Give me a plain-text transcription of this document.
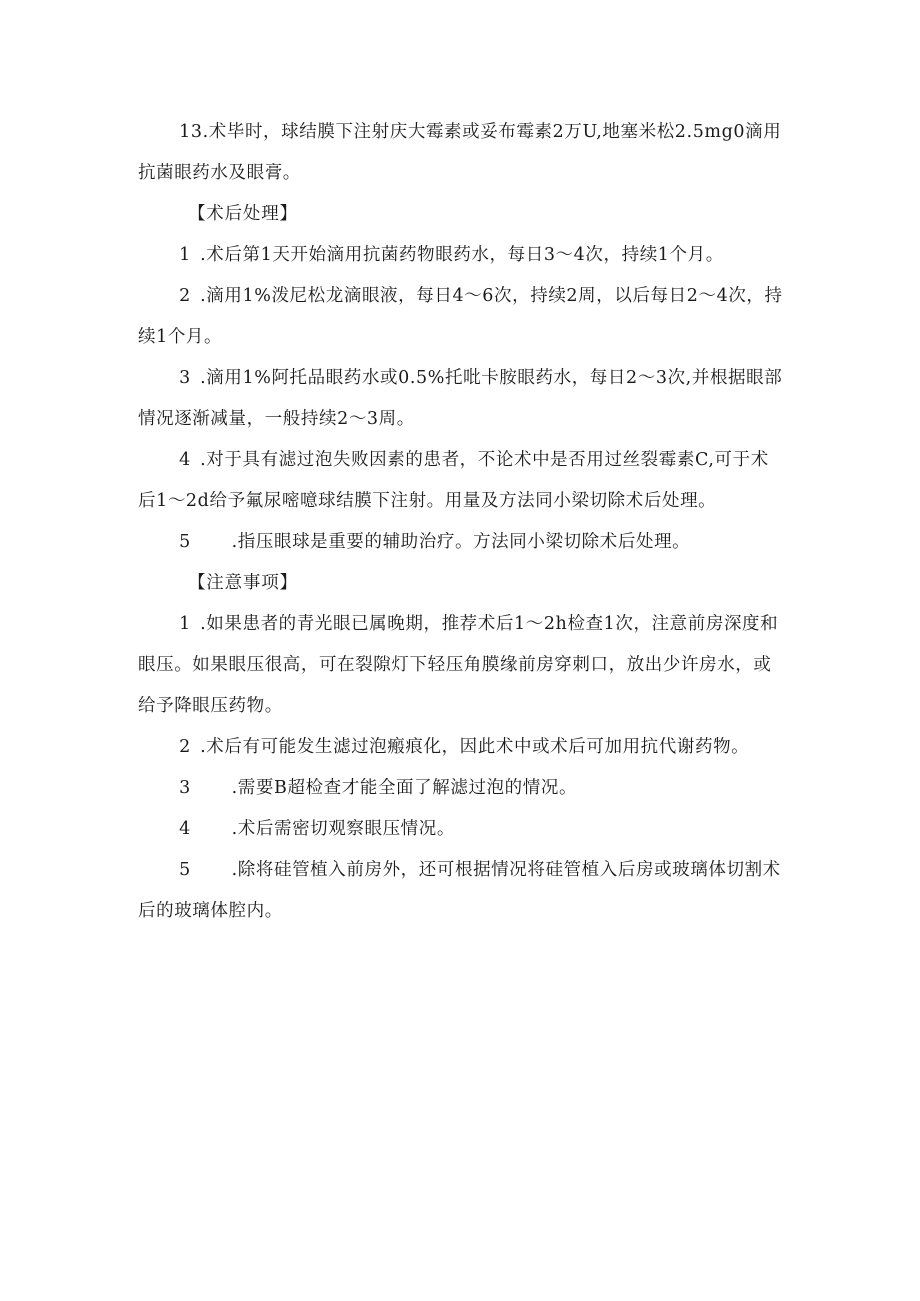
13.术毕时，球结膜下注射庆大霉素或妥布霉素2万U,地塞米松2.5mg0滴用抗菌眼药水及眼膏。

【术后处理】

1 .术后第1天开始滴用抗菌药物眼药水，每日3〜4次，持续1个月。

2 .滴用1%泼尼松龙滴眼液，每日4〜6次，持续2周，以后每日2〜4次，持续1个月。

3 .滴用1%阿托品眼药水或0.5%托吡卡胺眼药水，每日2〜3次,并根据眼部情况逐渐减量，一般持续2〜3周。

4 .对于具有滤过泡失败因素的患者，不论术中是否用过丝裂霉素C,可于术后1〜2d给予氟尿嘧噫球结膜下注射。用量及方法同小梁切除术后处理。

5 .指压眼球是重要的辅助治疗。方法同小梁切除术后处理。

【注意事项】

1 .如果患者的青光眼已属晚期，推荐术后1〜2h检查1次，注意前房深度和眼压。如果眼压很高，可在裂隙灯下轻压角膜缘前房穿刺口，放出少许房水，或给予降眼压药物。

2 .术后有可能发生滤过泡瘢痕化，因此术中或术后可加用抗代谢药物。

3 .需要B超检查才能全面了解滤过泡的情况。

4 .术后需密切观察眼压情况。

5 .除将硅管植入前房外，还可根据情况将硅管植入后房或玻璃体切割术后的玻璃体腔内。
